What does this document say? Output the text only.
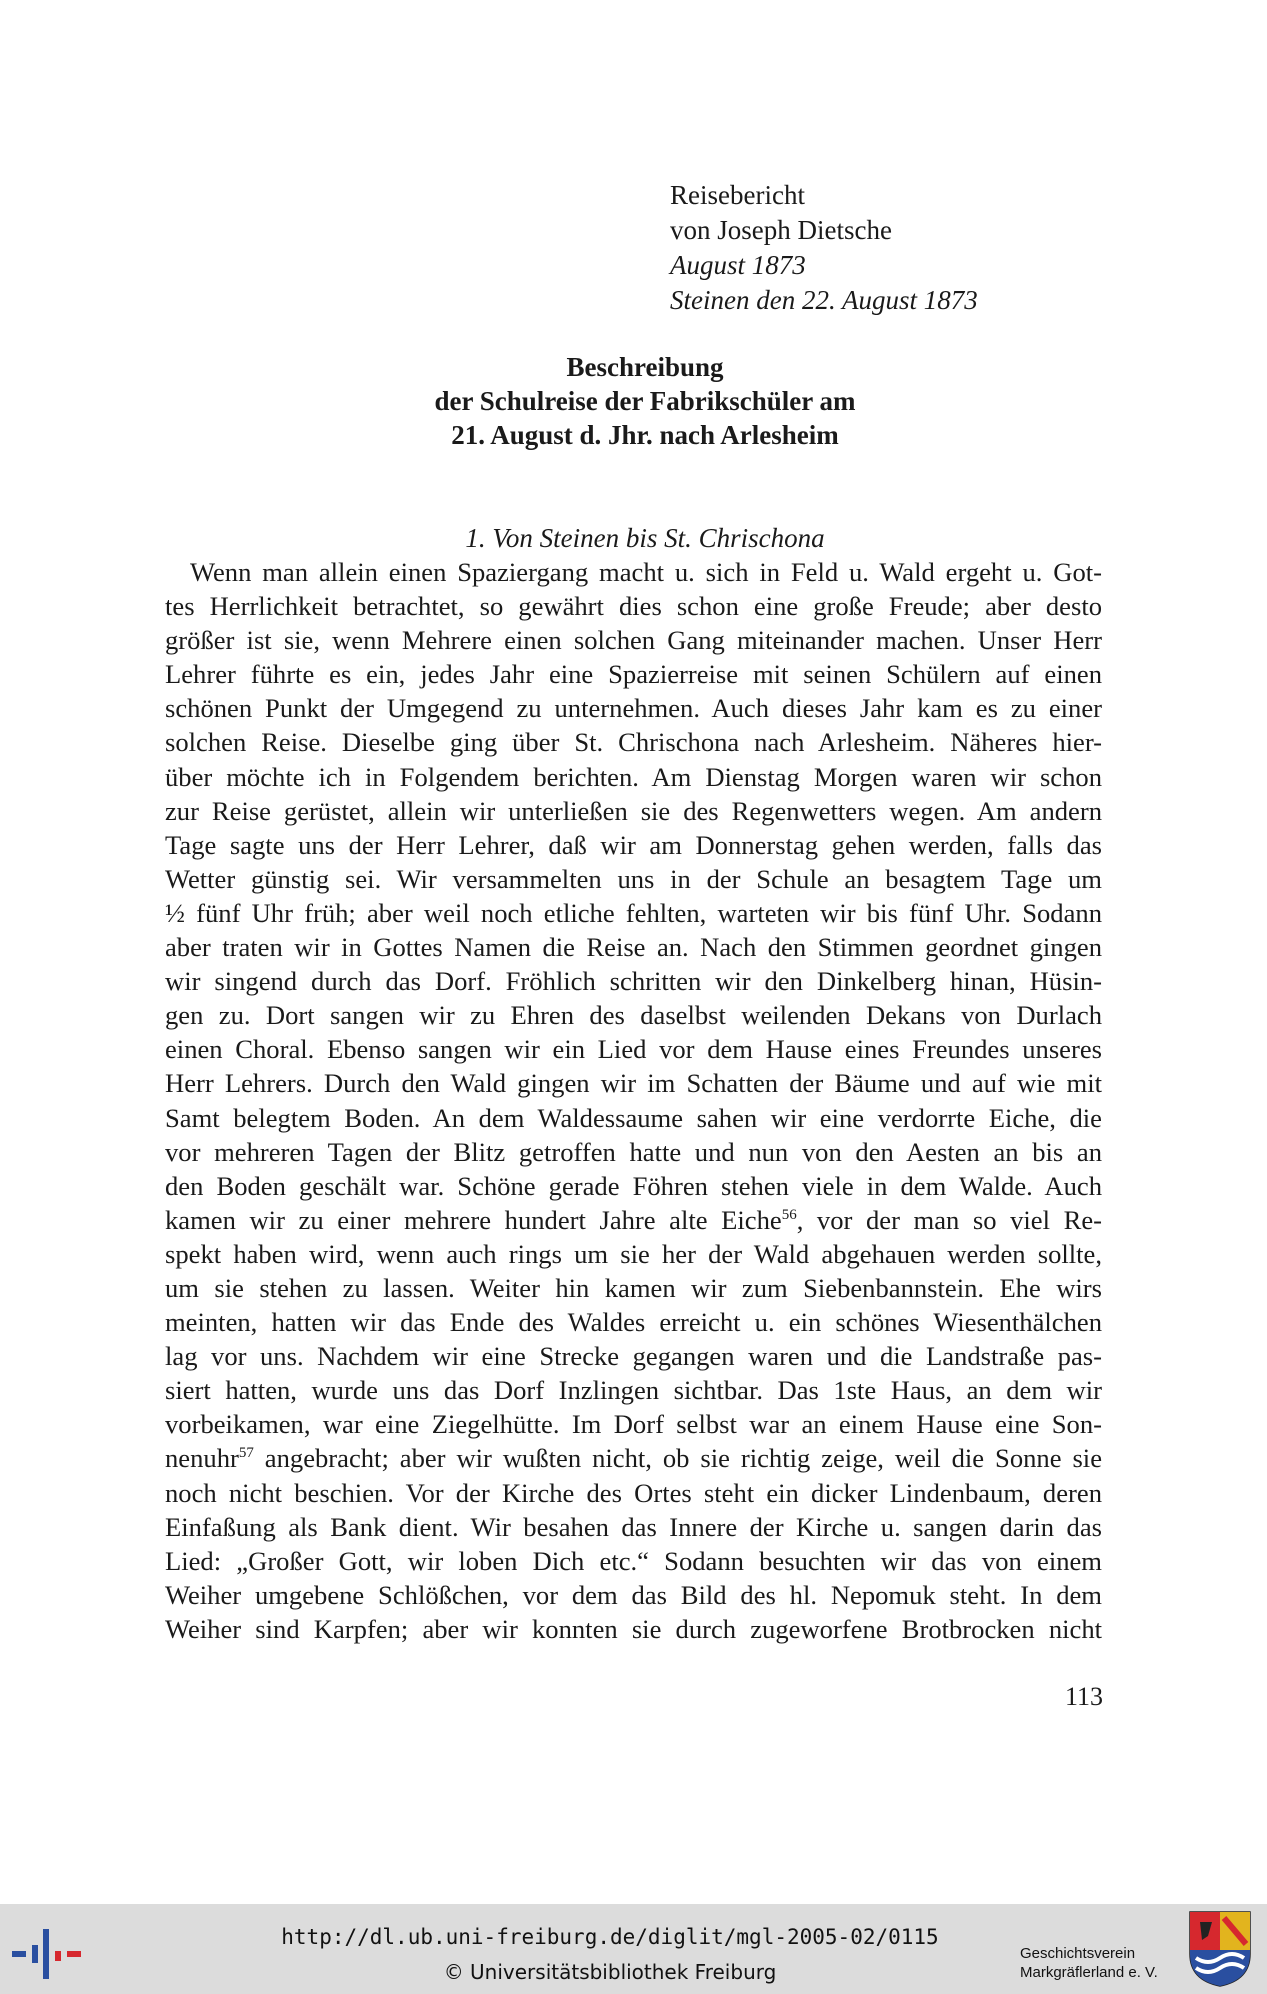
Reisebericht
von Joseph Dietsche
August 1873
Steinen den 22. August 1873
Beschreibung
der Schulreise der Fabrikschüler am
21. August d. Jhr. nach Arlesheim
1. Von Steinen bis St. Chrischona
Wenn man allein einen Spaziergang macht u. sich in Feld u. Wald ergeht u. Got-
tes Herrlichkeit betrachtet, so gewährt dies schon eine große Freude; aber desto
größer ist sie, wenn Mehrere einen solchen Gang miteinander machen. Unser Herr
Lehrer führte es ein, jedes Jahr eine Spazierreise mit seinen Schülern auf einen
schönen Punkt der Umgegend zu unternehmen. Auch dieses Jahr kam es zu einer
solchen Reise. Dieselbe ging über St. Chrischona nach Arlesheim. Näheres hier-
über möchte ich in Folgendem berichten. Am Dienstag Morgen waren wir schon
zur Reise gerüstet, allein wir unterließen sie des Regenwetters wegen. Am andern
Tage sagte uns der Herr Lehrer, daß wir am Donnerstag gehen werden, falls das
Wetter günstig sei. Wir versammelten uns in der Schule an besagtem Tage um
½ fünf Uhr früh; aber weil noch etliche fehlten, warteten wir bis fünf Uhr. Sodann
aber traten wir in Gottes Namen die Reise an. Nach den Stimmen geordnet gingen
wir singend durch das Dorf. Fröhlich schritten wir den Dinkelberg hinan, Hüsin-
gen zu. Dort sangen wir zu Ehren des daselbst weilenden Dekans von Durlach
einen Choral. Ebenso sangen wir ein Lied vor dem Hause eines Freundes unseres
Herr Lehrers. Durch den Wald gingen wir im Schatten der Bäume und auf wie mit
Samt belegtem Boden. An dem Waldessaume sahen wir eine verdorrte Eiche, die
vor mehreren Tagen der Blitz getroffen hatte und nun von den Aesten an bis an
den Boden geschält war. Schöne gerade Föhren stehen viele in dem Walde. Auch
kamen wir zu einer mehrere hundert Jahre alte Eiche$^{56}$, vor der man so viel Re-
spekt haben wird, wenn auch rings um sie her der Wald abgehauen werden sollte,
um sie stehen zu lassen. Weiter hin kamen wir zum Siebenbannstein. Ehe wirs
meinten, hatten wir das Ende des Waldes erreicht u. ein schönes Wiesenthälchen
lag vor uns. Nachdem wir eine Strecke gegangen waren und die Landstraße pas-
siert hatten, wurde uns das Dorf Inzlingen sichtbar. Das 1ste Haus, an dem wir
vorbeikamen, war eine Ziegelhütte. Im Dorf selbst war an einem Hause eine Son-
nenuhr$^{57}$ angebracht; aber wir wußten nicht, ob sie richtig zeige, weil die Sonne sie
noch nicht beschien. Vor der Kirche des Ortes steht ein dicker Lindenbaum, deren
Einfaßung als Bank dient. Wir besahen das Innere der Kirche u. sangen darin das
Lied: „Großer Gott, wir loben Dich etc.“ Sodann besuchten wir das von einem
Weiher umgebene Schlößchen, vor dem das Bild des hl. Nepomuk steht. In dem
Weiher sind Karpfen; aber wir konnten sie durch zugeworfene Brotbrocken nicht
113
http://dl.ub.uni-freiburg.de/diglit/mgl-2005-02/0115
© Universitätsbibliothek Freiburg
Geschichtsverein
Markgräflerland e. V.
